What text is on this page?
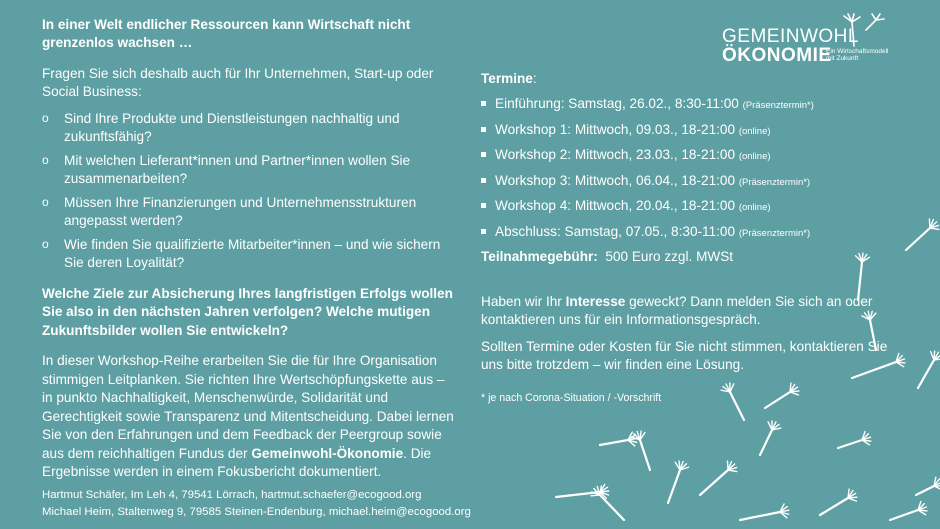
GEMEINWOHL
ÖKONOMIE
Ein Wirtschaftsmodell
mit Zukunft
In einer Welt endlicher Ressourcen kann Wirtschaft nicht grenzenlos wachsen …

Fragen Sie sich deshalb auch für Ihr Unternehmen, Start-up oder Social Business:

o Sind Ihre Produkte und Dienstleistungen nachhaltig und zukunftsfähig?
o Mit welchen Lieferant*innen und Partner*innen wollen Sie zusammenarbeiten?
o Müssen Ihre Finanzierungen und Unternehmensstrukturen angepasst werden?
o Wie finden Sie qualifizierte Mitarbeiter*innen – und wie sichern Sie deren Loyalität?
Welche Ziele zur Absicherung Ihres langfristigen Erfolgs wollen Sie also in den nächsten Jahren verfolgen? Welche mutigen Zukunftsbilder wollen Sie entwickeln?

In dieser Workshop-Reihe erarbeiten Sie die für Ihre Organisation stimmigen Leitplanken. Sie richten Ihre Wertschöpfungskette aus – in punkto Nachhaltigkeit, Menschenwürde, Solidarität und Gerechtigkeit sowie Transparenz und Mitentscheidung. Dabei lernen Sie von den Erfahrungen und dem Feedback der Peergroup sowie aus dem reichhaltigen Fundus der Gemeinwohl-Ökonomie. Die Ergebnisse werden in einem Fokusbericht dokumentiert.

Termine:
Einführung: Samstag, 26.02., 8:30-11:00 (Präsenztermin*)
Workshop 1: Mittwoch, 09.03., 18-21:00 (online)
Workshop 2: Mittwoch, 23.03., 18-21:00 (online)
Workshop 3: Mittwoch, 06.04., 18-21:00 (Präsenztermin*)
Workshop 4: Mittwoch, 20.04., 18-21:00 (online)
Abschluss: Samstag, 07.05., 8:30-11:00 (Präsenztermin*)
Teilnahmegebühr: 500 Euro zzgl. MWSt

Haben wir Ihr Interesse geweckt? Dann melden Sie sich an oder kontaktieren uns für ein Informationsgespräch.

Sollten Termine oder Kosten für Sie nicht stimmen, kontaktieren Sie uns bitte trotzdem – wir finden eine Lösung.

* je nach Corona-Situation / -Vorschrift
Hartmut Schäfer, Im Leh 4, 79541 Lörrach, hartmut.schaefer@ecogood.org
Michael Heim, Staltenweg 9, 79585 Steinen-Endenburg, michael.heim@ecogood.org
